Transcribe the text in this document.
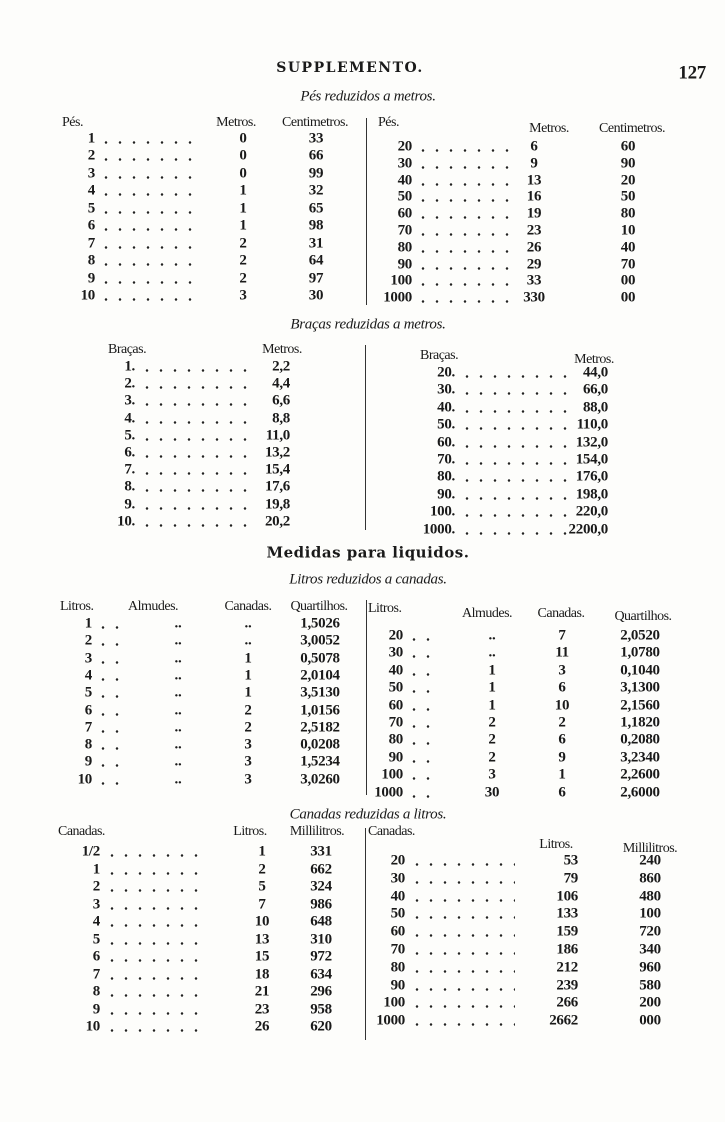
SUPPLEMENTO.	127
Medidas para liquidos.
Pés reduzidos a metros.
Pés.	Metros. Centimetros.
1	0	33
2	0	66
3	0	99
4	1	32
5	1	65
6	1	98
7	2	31
8	2	64
9	2	97
10	3	30
Pés.	Metros. Centimetros.
20	6	60
30	9	90
40	13	20
50	16	50
60	19	80
70	23	10
80	26	40
90	29	70
100	33	00
1000	330	00
Braças reduzidas a metros.
Braças.	Metros.
1.	2,2
2.	4,4
3.	6,6
4.	8,8
5.	11,0
6.	13,2
7.	15,4
8.	17,6
9.	19,8
10.	20,2
Braças.	Metros.
20.	44,0
30.	66,0
40.	88,0
50.	110,0
60.	132,0
70.	154,0
80.	176,0
90.	198,0
100.	220,0
1000.	2200,0
Litros reduzidos a canadas.
Litros. Almudes.	Canadas. Quartilhos.
1	..	..	1,5026
2	..	..	3,0052
3	..	1	0,5078
4	..	1	2,0104
5	..	1	3,5130
6	..	2	1,0156
7	..	2	2,5182
8	..	3	0,0208
9	..	3	1,5234
10	..	3	3,0260
Litros.	Almudes. Canadas. Quartilhos.
20	..	7	2,0520
30	..	11	1,0780
40	1	3	0,1040
50	1	6	3,1300
60	1	10	2,1560
70	2	2	1,1820
80	2	6	0,2080
90	2	9	3,2340
100	3	1	2,2600
1000	30	6	2,6000
Canadas reduzidas a litros.
Canadas.	Litros. Millilitros.
1/2	1	331
1	2	662
2	5	324
3	7	986
4	10	648
5	13	310
6	15	972
7	18	634
8	21	296
9	23	958
10	26	620
Canadas.
Litros.	Millilitros.
20	53	240
30	79	860
40	106	480
50	133	100
60	159	720
70	186	340
80	212	960
90	239	580
100	266	200
1000	2662	000
